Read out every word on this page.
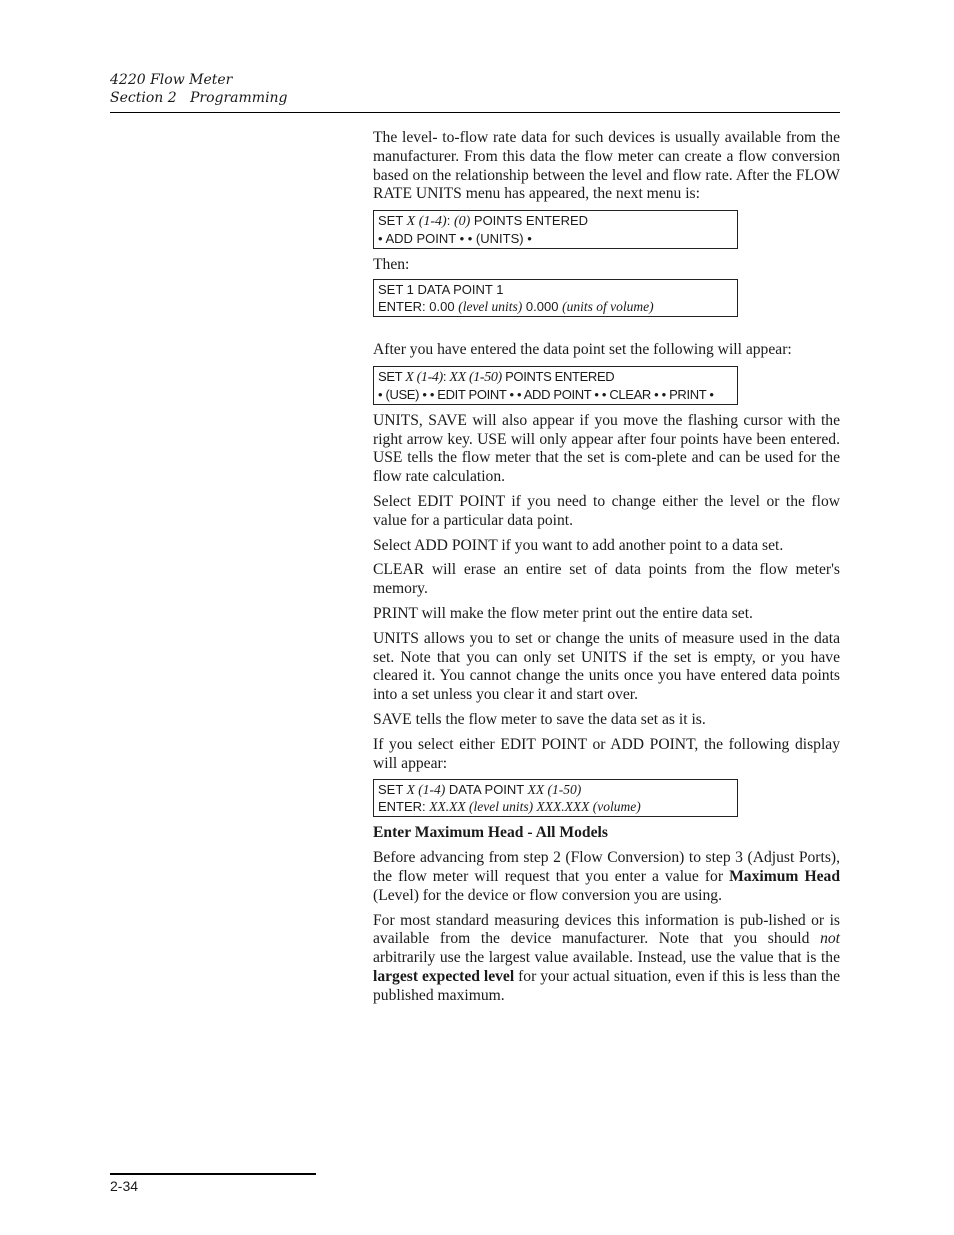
4220 Flow Meter
Section 2   Programming

The level- to-flow rate data for such devices is usually available from the manufacturer. From this data the flow meter can create a flow conversion based on the relationship between the level and flow rate. After the FLOW RATE UNITS menu has appeared, the next menu is:

SET X (1-4): (0) POINTS ENTERED
• ADD POINT • • (UNITS) •

Then:

SET 1 DATA POINT 1
ENTER: 0.00 (level units) 0.000 (units of volume)

After you have entered the data point set the following will appear:

SET X (1-4): XX (1-50) POINTS ENTERED
• (USE) • • EDIT POINT • • ADD POINT • • CLEAR • • PRINT •

UNITS, SAVE will also appear if you move the flashing cursor with the right arrow key. USE will only appear after four points have been entered. USE tells the flow meter that the set is com-plete and can be used for the flow rate calculation.

Select EDIT POINT if you need to change either the level or the flow value for a particular data point.

Select ADD POINT if you want to add another point to a data set.

CLEAR will erase an entire set of data points from the flow meter's memory.

PRINT will make the flow meter print out the entire data set.

UNITS allows you to set or change the units of measure used in the data set. Note that you can only set UNITS if the set is empty, or you have cleared it. You cannot change the units once you have entered data points into a set unless you clear it and start over.

SAVE tells the flow meter to save the data set as it is.

If you select either EDIT POINT or ADD POINT, the following display will appear:

SET X (1-4) DATA POINT XX (1-50)
ENTER: XX.XX (level units) XXX.XXX (volume)
Enter Maximum Head - All Models

Before advancing from step 2 (Flow Conversion) to step 3 (Adjust Ports), the flow meter will request that you enter a value for Maximum Head (Level) for the device or flow conversion you are using.

For most standard measuring devices this information is pub-lished or is available from the device manufacturer. Note that you should not arbitrarily use the largest value available. Instead, use the value that is the largest expected level for your actual situation, even if this is less than the published maximum.

2-34
